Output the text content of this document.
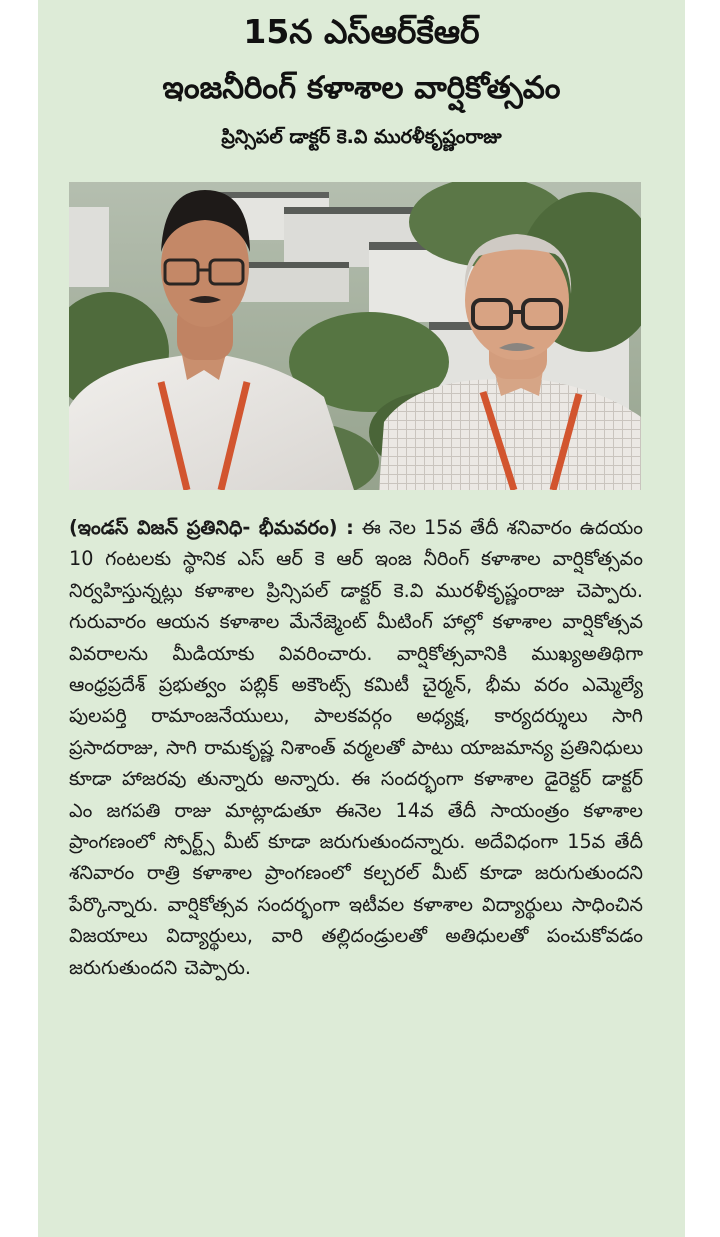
15న ఎస్ఆర్‌కేఆర్
ఇంజనీరింగ్ కళాశాల వార్షికోత్సవం
ప్రిన్సిపల్ డాక్టర్ కె.వి మురళీకృష్ణంరాజు

(ఇండస్ విజన్ ప్రతినిధి- భీమవరం) : ఈ నెల 15వ తేదీ శనివారం ఉదయం 10 గంటలకు స్థానిక ఎస్ ఆర్ కె ఆర్ ఇంజ నీరింగ్ కళాశాల వార్షికోత్సవం నిర్వహిస్తున్నట్లు కళాశాల ప్రిన్సిపల్ డాక్టర్ కె.వి మురళీకృష్ణంరాజు చెప్పారు. గురువారం ఆయన కళాశాల మేనేజ్మెంట్ మీటింగ్ హాల్లో కళాశాల వార్షికోత్సవ వివరాలను మీడియాకు వివరించారు. వార్షికోత్సవానికి ముఖ్యఅతిథిగా ఆంధ్రప్రదేశ్ ప్రభుత్వం పబ్లిక్ అకౌంట్స్ కమిటీ చైర్మన్, భీమ వరం ఎమ్మెల్యే పులపర్తి రామాంజనేయులు, పాలకవర్గం అధ్యక్ష, కార్యదర్శులు సాగి ప్రసాదరాజు, సాగి రామకృష్ణ నిశాంత్ వర్మలతో పాటు యాజమాన్య ప్రతినిధులు కూడా హాజరవు తున్నారు అన్నారు. ఈ సందర్భంగా కళాశాల డైరెక్టర్ డాక్టర్ ఎం జగపతి రాజు మాట్లాడుతూ ఈనెల 14వ తేదీ సాయంత్రం కళాశాల ప్రాంగణంలో స్పోర్ట్స్ మీట్ కూడా జరుగుతుందన్నారు. అదేవిధంగా 15వ తేదీ శనివారం రాత్రి కళాశాల ప్రాంగణంలో కల్చరల్ మీట్ కూడా జరుగుతుందని పేర్కొన్నారు. వార్షికోత్సవ సందర్భంగా ఇటీవల కళాశాల విద్యార్థులు సాధించిన విజయాలు విద్యార్థులు, వారి తల్లిదండ్రులతో అతిధులతో పంచుకోవడం జరుగుతుందని చెప్పారు.
